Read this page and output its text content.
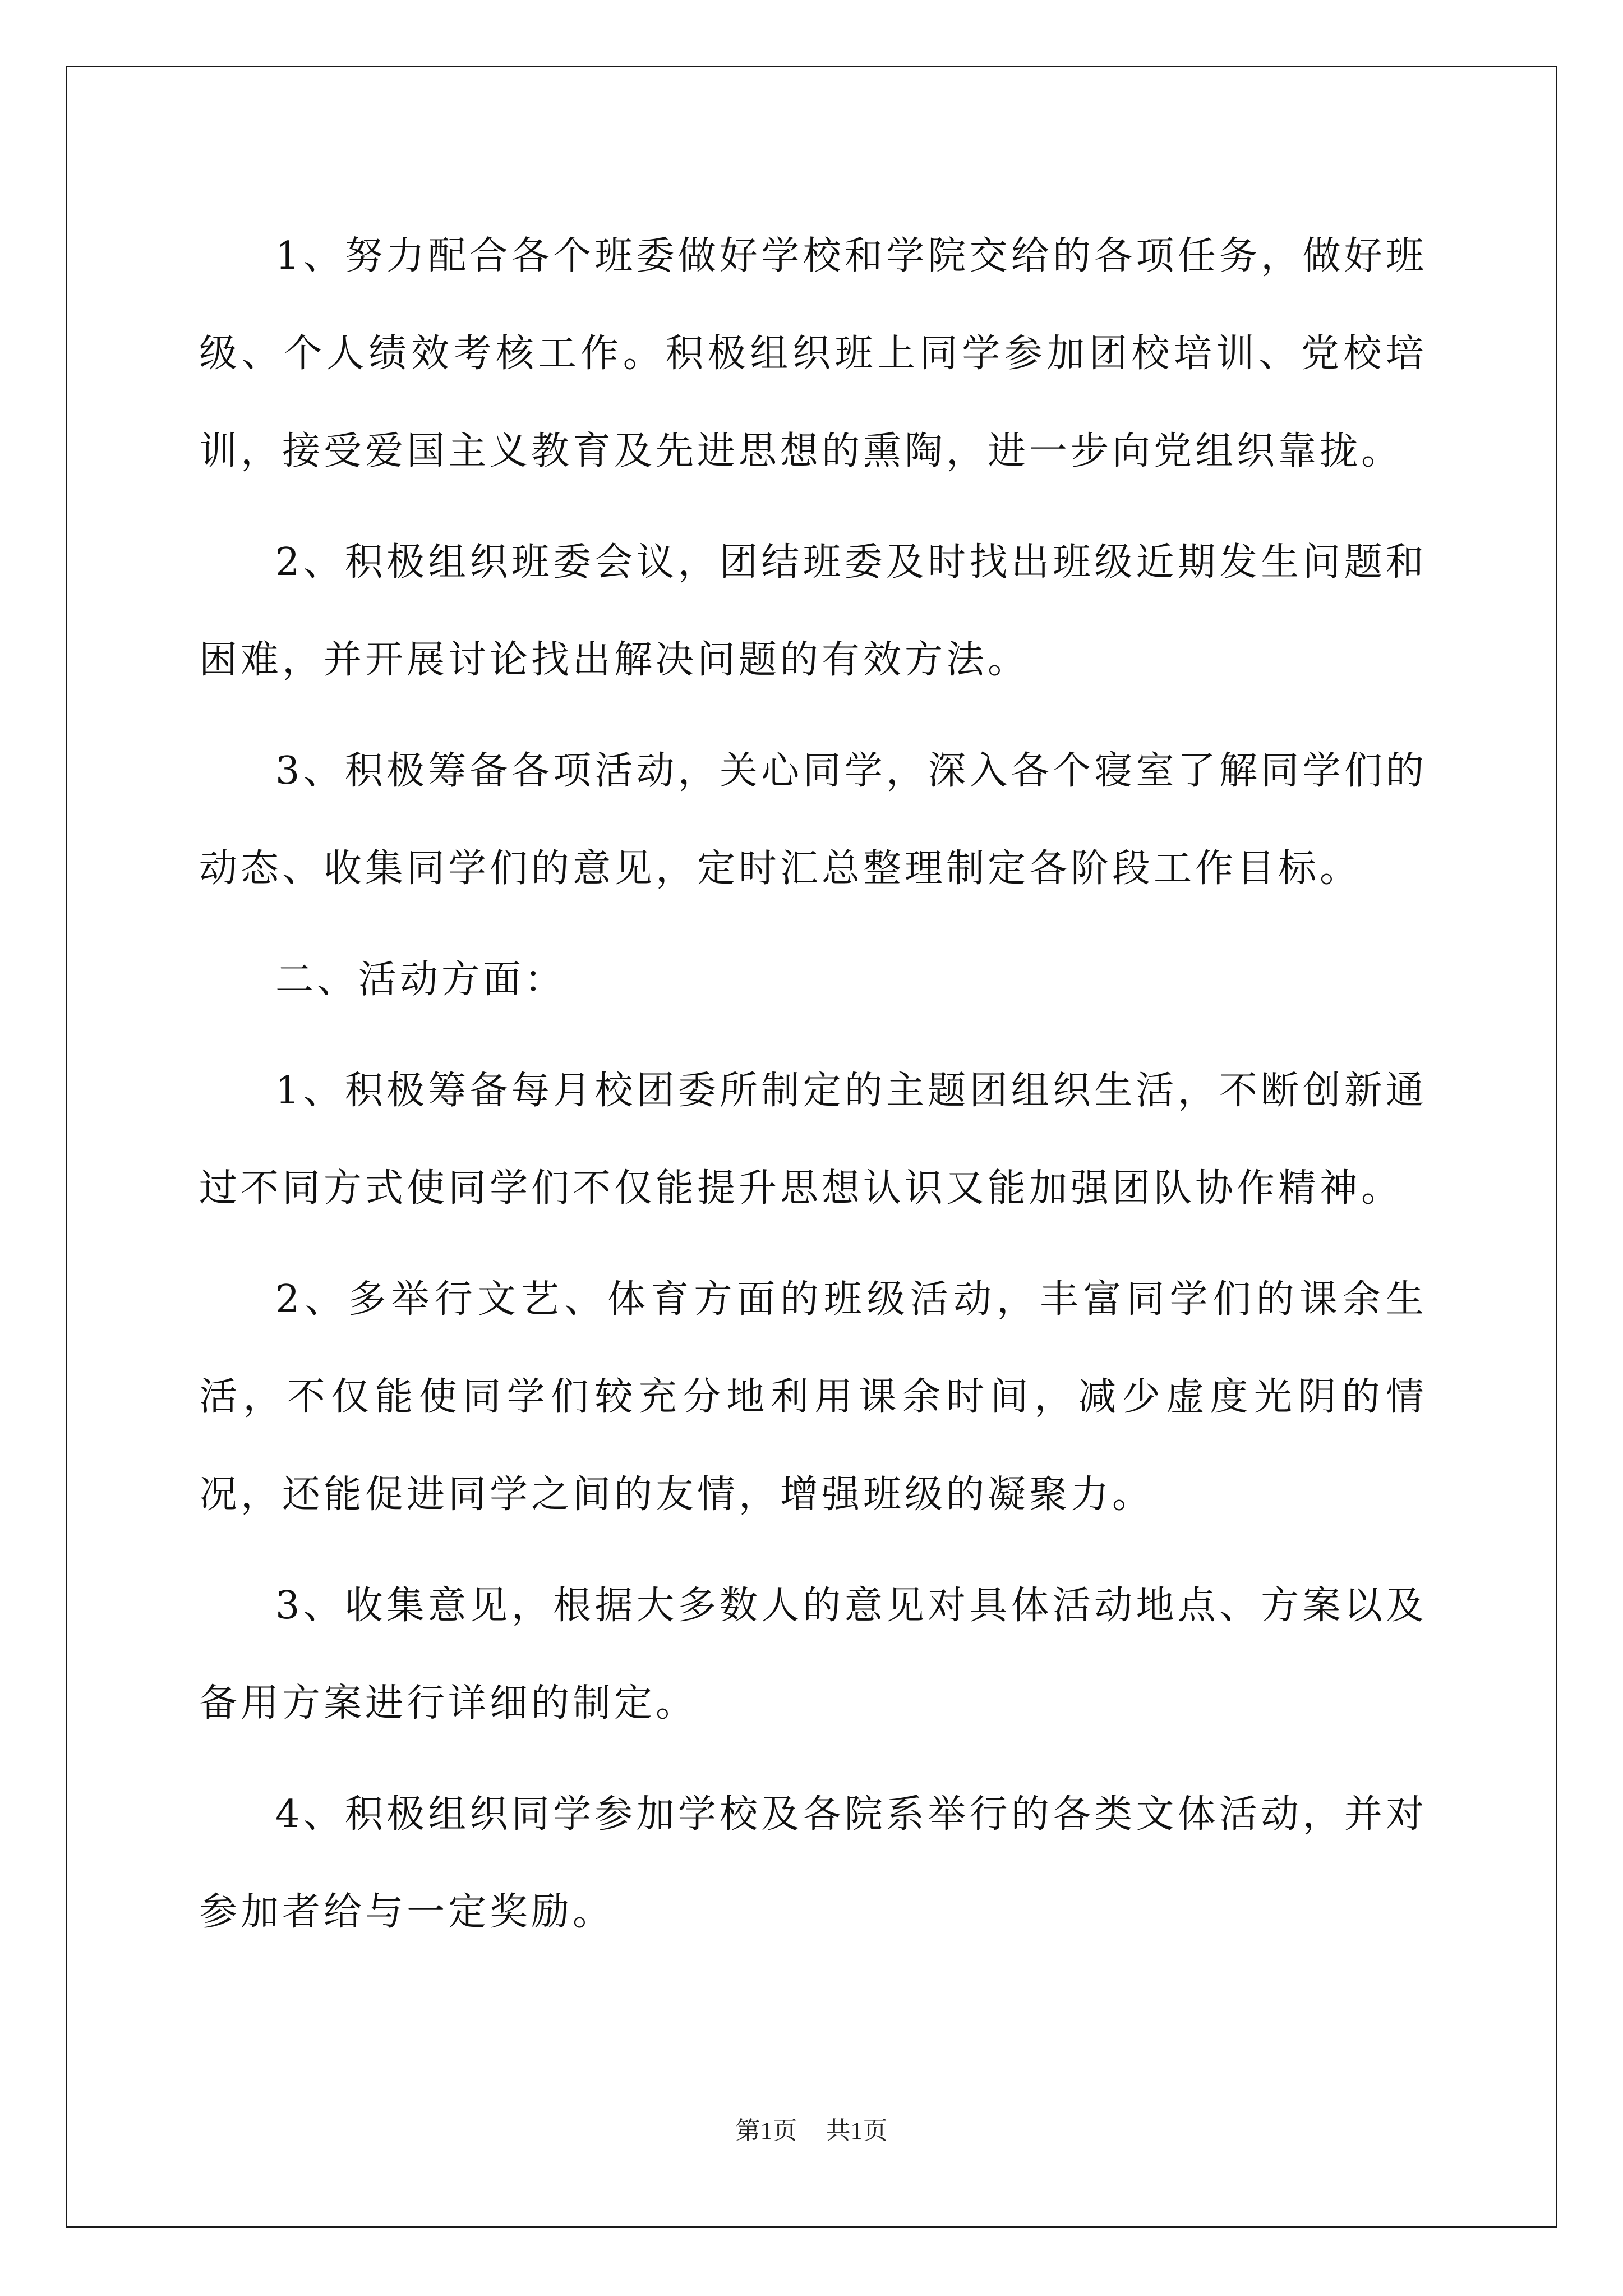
1、努力配合各个班委做好学校和学院交给的各项任务，做好班级、个人绩效考核工作。积极组织班上同学参加团校培训、党校培训，接受爱国主义教育及先进思想的熏陶，进一步向党组织靠拢。

2、积极组织班委会议，团结班委及时找出班级近期发生问题和困难，并开展讨论找出解决问题的有效方法。

3、积极筹备各项活动，关心同学，深入各个寝室了解同学们的动态、收集同学们的意见，定时汇总整理制定各阶段工作目标。

二、活动方面：

1、积极筹备每月校团委所制定的主题团组织生活，不断创新通过不同方式使同学们不仅能提升思想认识又能加强团队协作精神。

2、多举行文艺、体育方面的班级活动，丰富同学们的课余生活，不仅能使同学们较充分地利用课余时间，减少虚度光阴的情况，还能促进同学之间的友情，增强班级的凝聚力。

3、收集意见，根据大多数人的意见对具体活动地点、方案以及备用方案进行详细的制定。

4、积极组织同学参加学校及各院系举行的各类文体活动，并对参加者给与一定奖励。

第1页 共1页
